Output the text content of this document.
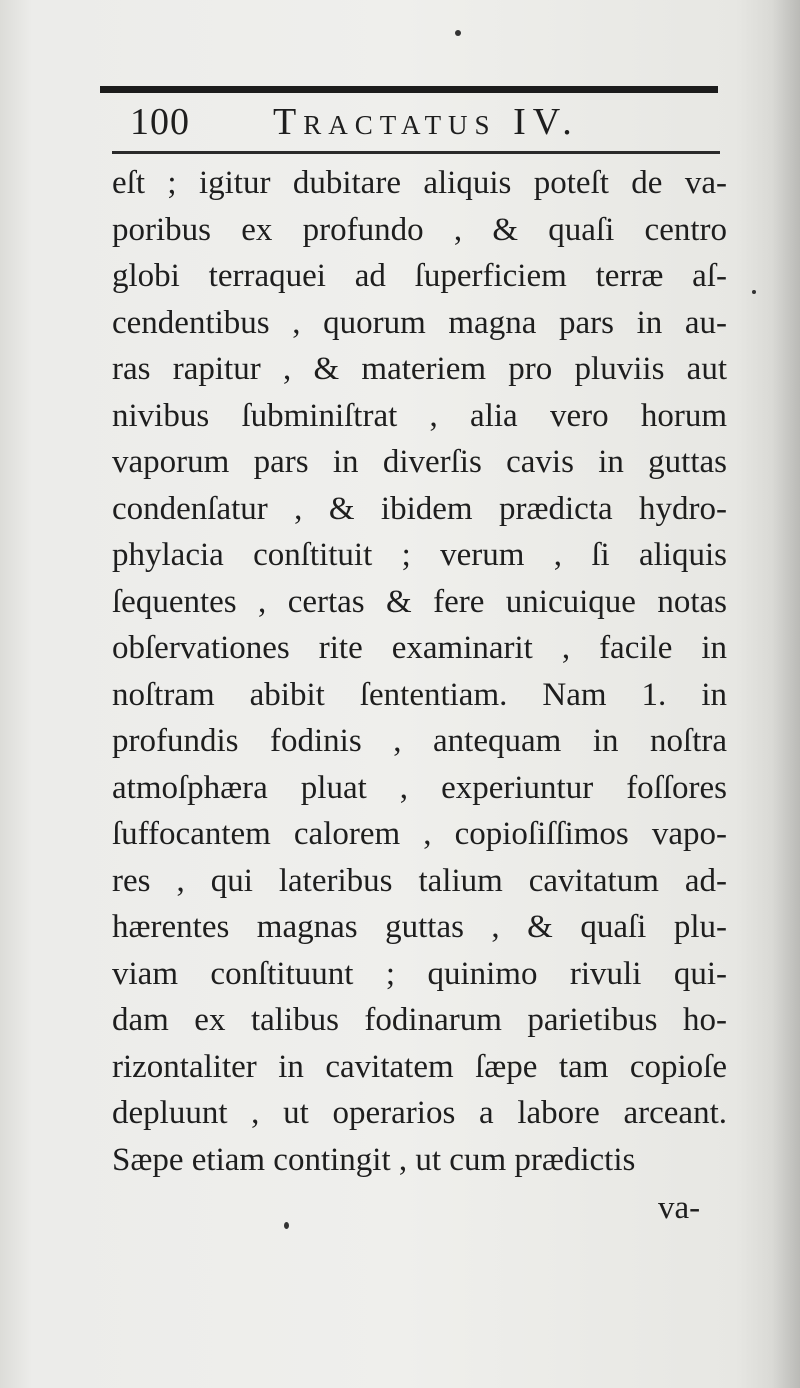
100 Tractatus IV.
eſt ; igitur dubitare aliquis poteſt de va-
poribus ex profundo , & quaſi centro
globi terraquei ad ſuperficiem terræ aſ-
cendentibus , quorum magna pars in au-
ras rapitur , & materiem pro pluviis aut
nivibus ſubminiſtrat , alia vero horum
vaporum pars in diverſis cavis in guttas
condenſatur , & ibidem prædicta hydro-
phylacia conſtituit ; verum , ſi aliquis
ſequentes , certas & fere unicuique notas
obſervationes rite examinarit , facile in
noſtram abibit ſententiam. Nam 1. in
profundis fodinis , antequam in noſtra
atmoſphæra pluat , experiuntur foſſores
ſuffocantem calorem , copioſiſſimos vapo-
res , qui lateribus talium cavitatum ad-
hærentes magnas guttas , & quaſi plu-
viam conſtituunt ; quinimo rivuli qui-
dam ex talibus fodinarum parietibus ho-
rizontaliter in cavitatem ſæpe tam copioſe
depluunt , ut operarios a labore arceant.
Sæpe etiam contingit , ut cum prædictis
va-
